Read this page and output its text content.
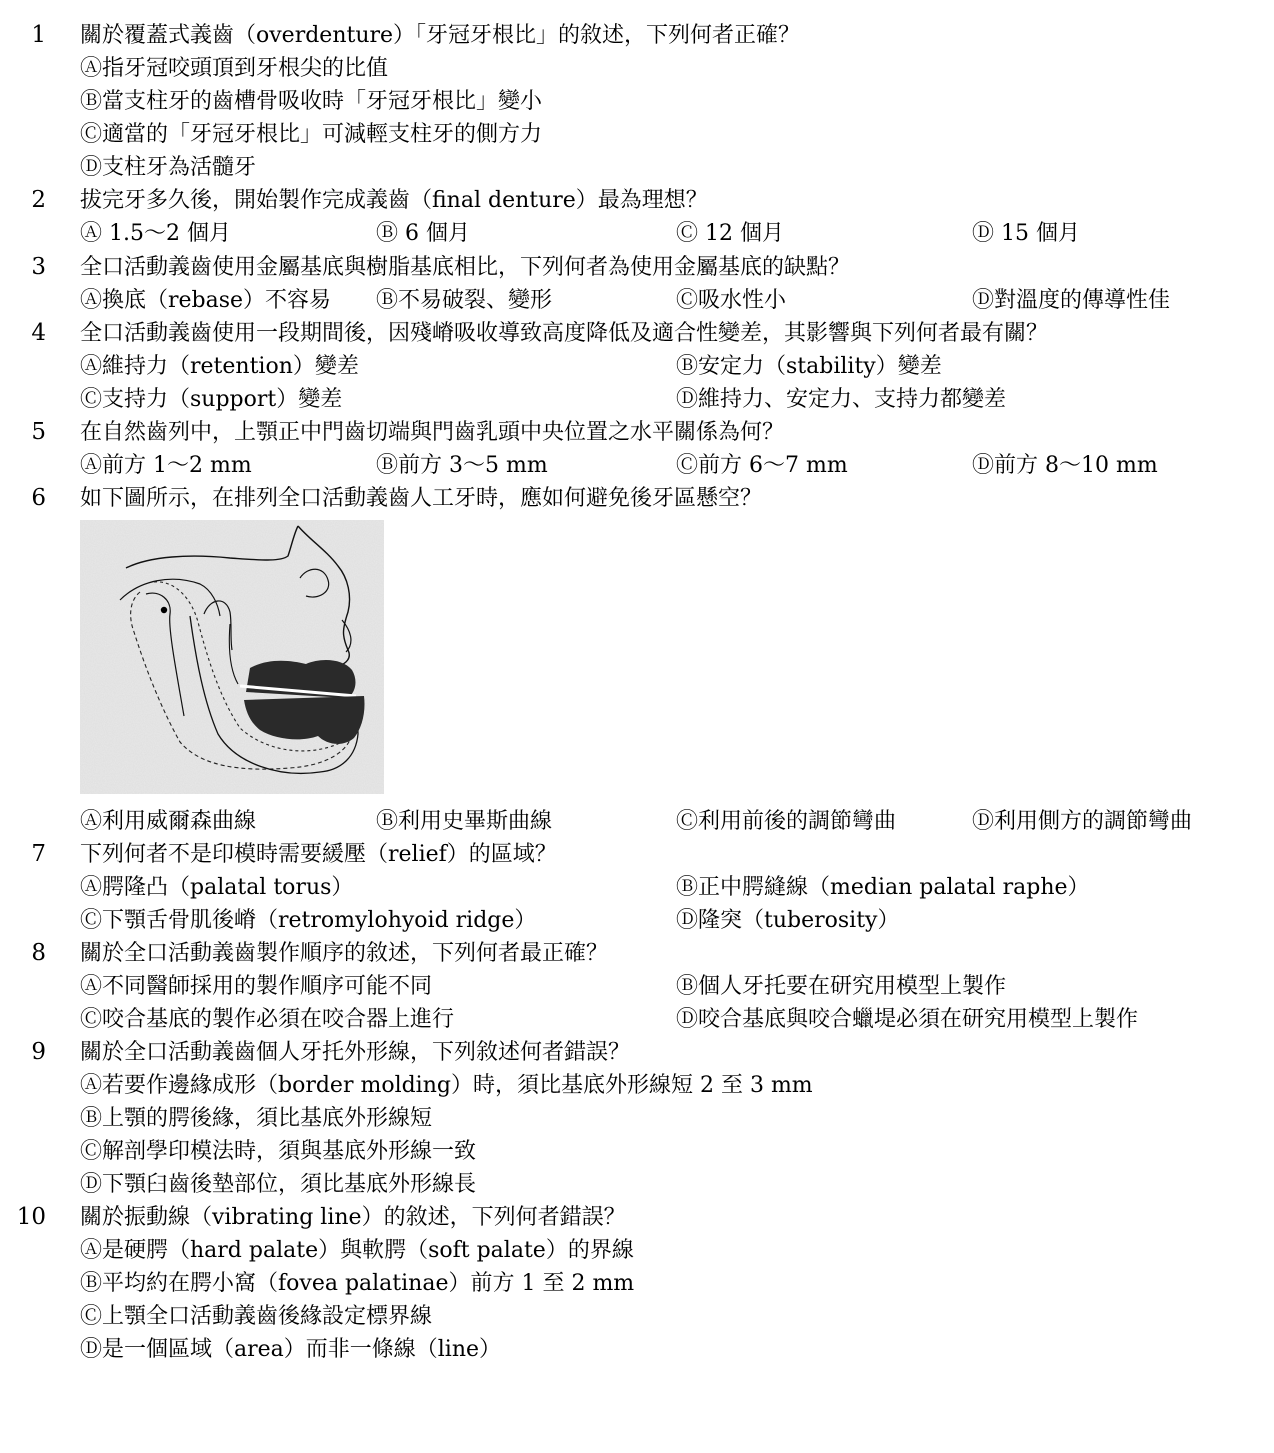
1 關於覆蓋式義齒（overdenture）「牙冠牙根比」的敘述，下列何者正確？
Ⓐ指牙冠咬頭頂到牙根尖的比值
Ⓑ當支柱牙的齒槽骨吸收時「牙冠牙根比」變小
Ⓒ適當的「牙冠牙根比」可減輕支柱牙的側方力
Ⓓ支柱牙為活髓牙
2 拔完牙多久後，開始製作完成義齒（final denture）最為理想？
Ⓐ 1.5～2 個月	Ⓑ 6 個月	Ⓒ 12 個月	Ⓓ 15 個月
3 全口活動義齒使用金屬基底與樹脂基底相比，下列何者為使用金屬基底的缺點？
Ⓐ換底（rebase）不容易 Ⓑ不易破裂、變形	Ⓒ吸水性小	Ⓓ對溫度的傳導性佳
4 全口活動義齒使用一段期間後，因殘嵴吸收導致高度降低及適合性變差，其影響與下列何者最有關？
Ⓐ維持力（retention）變差	Ⓑ安定力（stability）變差
Ⓒ支持力（support）變差	Ⓓ維持力、安定力、支持力都變差
5 在自然齒列中，上顎正中門齒切端與門齒乳頭中央位置之水平關係為何？
Ⓐ前方 1～2 mm	Ⓑ前方 3～5 mm	Ⓒ前方 6～7 mm	Ⓓ前方 8～10 mm
6 如下圖所示，在排列全口活動義齒人工牙時，應如何避免後牙區懸空？
Ⓐ利用威爾森曲線	Ⓑ利用史畢斯曲線	Ⓒ利用前後的調節彎曲	Ⓓ利用側方的調節彎曲
7 下列何者不是印模時需要緩壓（relief）的區域？
Ⓐ腭隆凸（palatal torus）	Ⓑ正中腭縫線（median palatal raphe）
Ⓒ下顎舌骨肌後嵴（retromylohyoid ridge）	Ⓓ隆突（tuberosity）
8 關於全口活動義齒製作順序的敘述，下列何者最正確？
Ⓐ不同醫師採用的製作順序可能不同	Ⓑ個人牙托要在研究用模型上製作
Ⓒ咬合基底的製作必須在咬合器上進行	Ⓓ咬合基底與咬合蠟堤必須在研究用模型上製作
9 關於全口活動義齒個人牙托外形線，下列敘述何者錯誤？
Ⓐ若要作邊緣成形（border molding）時，須比基底外形線短 2 至 3 mm
Ⓑ上顎的腭後緣，須比基底外形線短
Ⓒ解剖學印模法時，須與基底外形線一致
Ⓓ下顎臼齒後墊部位，須比基底外形線長
10 關於振動線（vibrating line）的敘述，下列何者錯誤？
Ⓐ是硬腭（hard palate）與軟腭（soft palate）的界線
Ⓑ平均約在腭小窩（fovea palatinae）前方 1 至 2 mm
Ⓒ上顎全口活動義齒後緣設定標界線
Ⓓ是一個區域（area）而非一條線（line）
